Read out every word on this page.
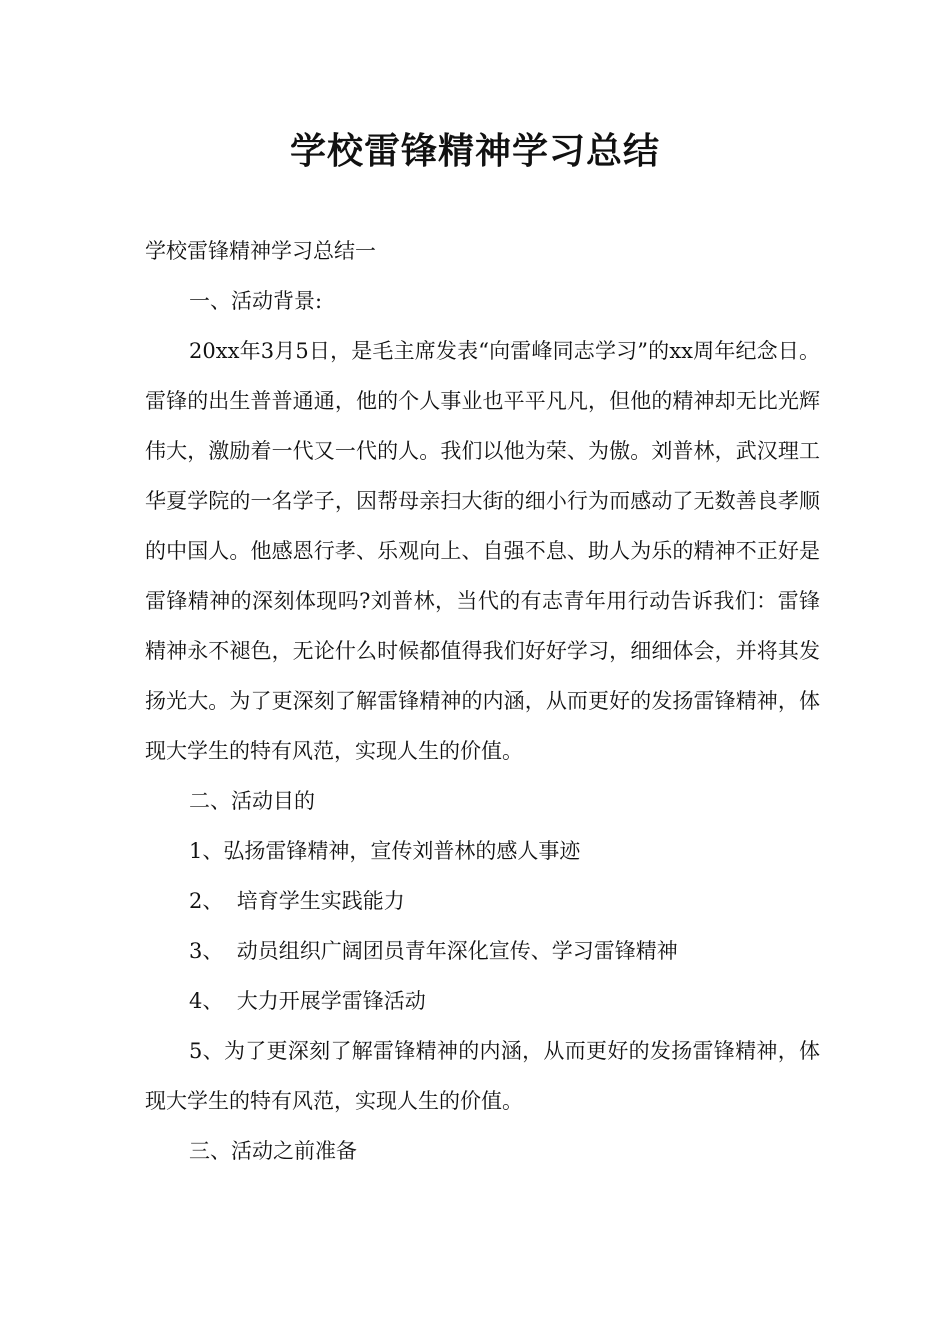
学校雷锋精神学习总结

学校雷锋精神学习总结一

一、活动背景:

20xx年3月5日，是毛主席发表“向雷峰同志学习”的xx周年纪念日。雷锋的出生普普通通，他的个人事业也平平凡凡，但他的精神却无比光辉伟大，激励着一代又一代的人。我们以他为荣、为傲。刘普林，武汉理工华夏学院的一名学子，因帮母亲扫大街的细小行为而感动了无数善良孝顺的中国人。他感恩行孝、乐观向上、自强不息、助人为乐的精神不正好是雷锋精神的深刻体现吗?刘普林，当代的有志青年用行动告诉我们：雷锋精神永不褪色，无论什么时候都值得我们好好学习，细细体会，并将其发扬光大。为了更深刻了解雷锋精神的内涵，从而更好的发扬雷锋精神，体现大学生的特有风范，实现人生的价值。

二、活动目的

1、弘扬雷锋精神，宣传刘普林的感人事迹

2、  培育学生实践能力

3、  动员组织广阔团员青年深化宣传、学习雷锋精神

4、  大力开展学雷锋活动

5、为了更深刻了解雷锋精神的内涵，从而更好的发扬雷锋精神，体现大学生的特有风范，实现人生的价值。

三、活动之前准备
